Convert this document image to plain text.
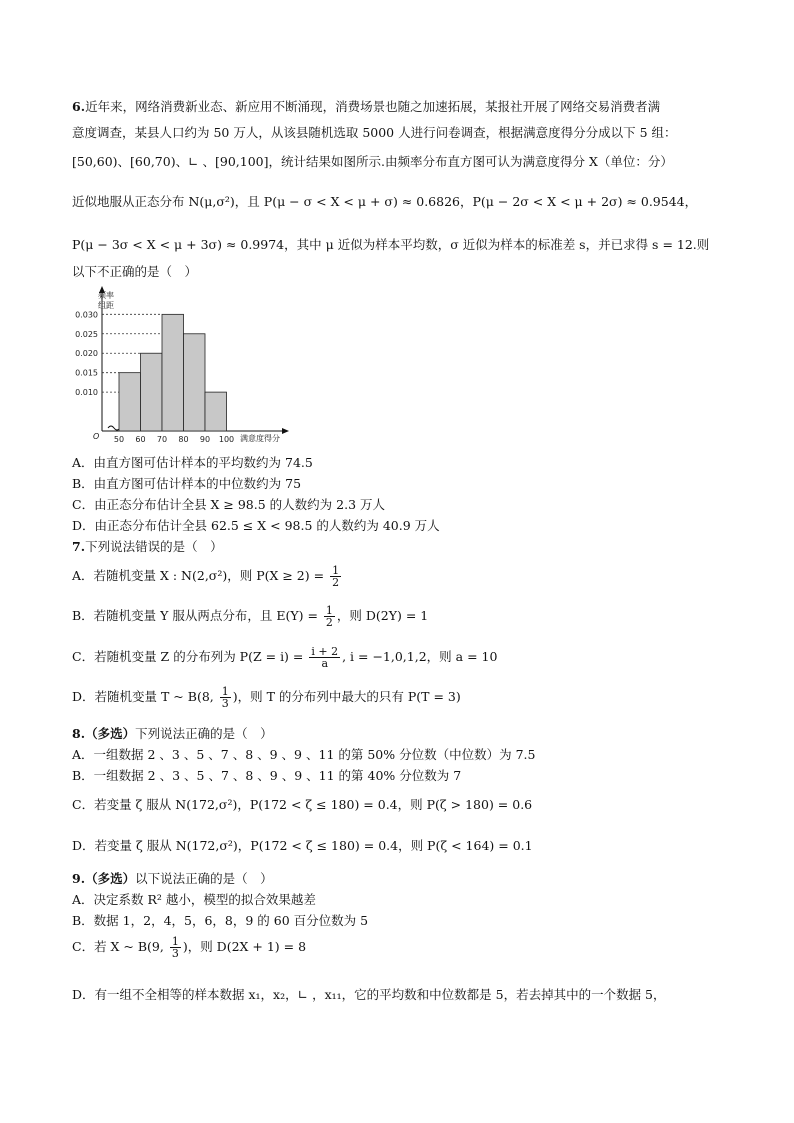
6.近年来，网络消费新业态、新应用不断涌现，消费场景也随之加速拓展，某报社开展了网络交易消费者满
意度调查，某县人口约为 50 万人，从该县随机选取 5000 人进行问卷调查，根据满意度得分分成以下 5 组：
[50,60)、[60,70)、∟ 、[90,100]，统计结果如图所示.由频率分布直方图可认为满意度得分 X（单位：分）
近似地服从正态分布 N(μ,σ²)，且 P(μ − σ < X < μ + σ) ≈ 0.6826，P(μ − 2σ < X < μ + 2σ) ≈ 0.9544，
P(μ − 3σ < X < μ + 3σ) ≈ 0.9974，其中 μ 近似为样本平均数，σ 近似为样本的标准差 s，并已求得 s = 12.则
以下不正确的是（　）
频率
组距
O	满意度得分
0.010
0.015
0.020
0.025
0.030
50 60 70 80 90 100
A．由直方图可估计样本的平均数约为 74.5
B．由直方图可估计样本的中位数约为 75
C．由正态分布估计全县 X ≥ 98.5 的人数约为 2.3 万人
D．由正态分布估计全县 62.5 ≤ X < 98.5 的人数约为 40.9 万人
7.下列说法错误的是（　）
A．若随机变量 X : N(2,σ²)，则 $P(X \ge 2) = \frac{1}{2}$
B．若随机变量 Y 服从两点分布，且 $E(Y) = \frac{1}{2}$ ，则 D(2Y) = 1
C．若随机变量 Z 的分布列为 $P(Z = i) = \frac{i + 2}{a}$ , i = −1,0,1,2，则 a = 10
D．若随机变量 T ~ B(8, $\frac{1}{3}$ )，则 T 的分布列中最大的只有 P(T = 3)
8.（多选）下列说法正确的是（　）
A．一组数据 2 、3 、5 、7 、8 、9 、9 、11 的第 50% 分位数（中位数）为 7.5
B．一组数据 2 、3 、5 、7 、8 、9 、9 、11 的第 40% 分位数为 7
C．若变量 ζ 服从 N(172,σ²)，P(172 < ζ ≤ 180) = 0.4，则 P(ζ > 180) = 0.6
D．若变量 ζ 服从 N(172,σ²)，P(172 < ζ ≤ 180) = 0.4，则 P(ζ < 164) = 0.1
9.（多选）以下说法正确的是（　）
A．决定系数 R² 越小，模型的拟合效果越差
B．数据 1，2，4，5，6，8，9 的 60 百分位数为 5
C．若 X ~ B(9, $\frac{1}{3}$ )，则 D(2X + 1) = 8
D．有一组不全相等的样本数据 x₁，x₂，∟ ，x₁₁，它的平均数和中位数都是 5，若去掉其中的一个数据 5，
